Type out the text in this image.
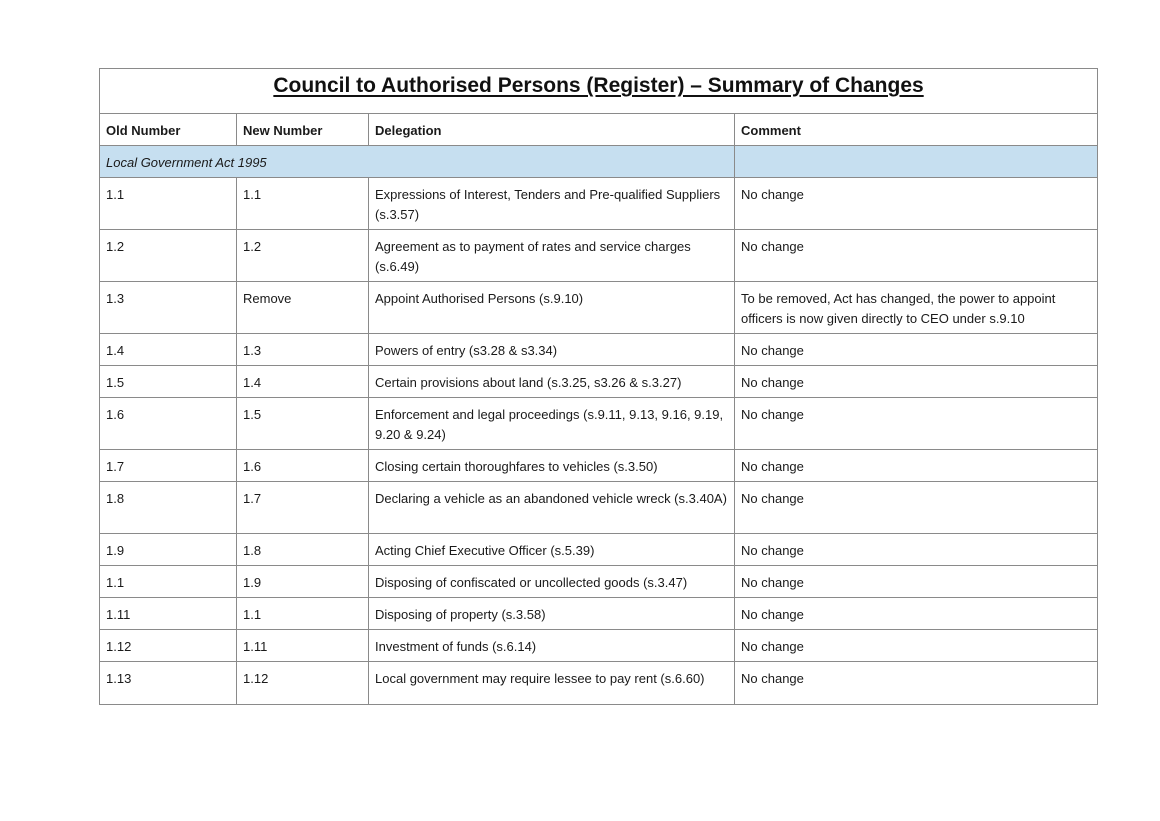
Council to Authorised Persons (Register) – Summary of Changes			
Old Number	New Number	Delegation	Comment
Local Government Act 1995			
1.1	1.1	Expressions of Interest, Tenders and Pre-qualified Suppliers (s.3.57)	No change
1.2	1.2	Agreement as to payment of rates and service charges (s.6.49)	No change
1.3	Remove	Appoint Authorised Persons (s.9.10)	To be removed, Act has changed, the power to appoint officers is now given directly to CEO under s.9.10
1.4	1.3	Powers of entry (s3.28 & s3.34)	No change
1.5	1.4	Certain provisions about land (s.3.25, s3.26 & s.3.27)	No change
1.6	1.5	Enforcement and legal proceedings (s.9.11, 9.13, 9.16, 9.19, 9.20 & 9.24)	No change
1.7	1.6	Closing certain thoroughfares to vehicles (s.3.50)	No change
1.8	1.7	Declaring a vehicle as an abandoned vehicle wreck (s.3.40A)	No change
1.9	1.8	Acting Chief Executive Officer (s.5.39)	No change
1.1	1.9	Disposing of confiscated or uncollected goods (s.3.47)	No change
1.11	1.1	Disposing of property (s.3.58)	No change
1.12	1.11	Investment of funds (s.6.14)	No change
1.13	1.12	Local government may require lessee to pay rent (s.6.60)	No change
